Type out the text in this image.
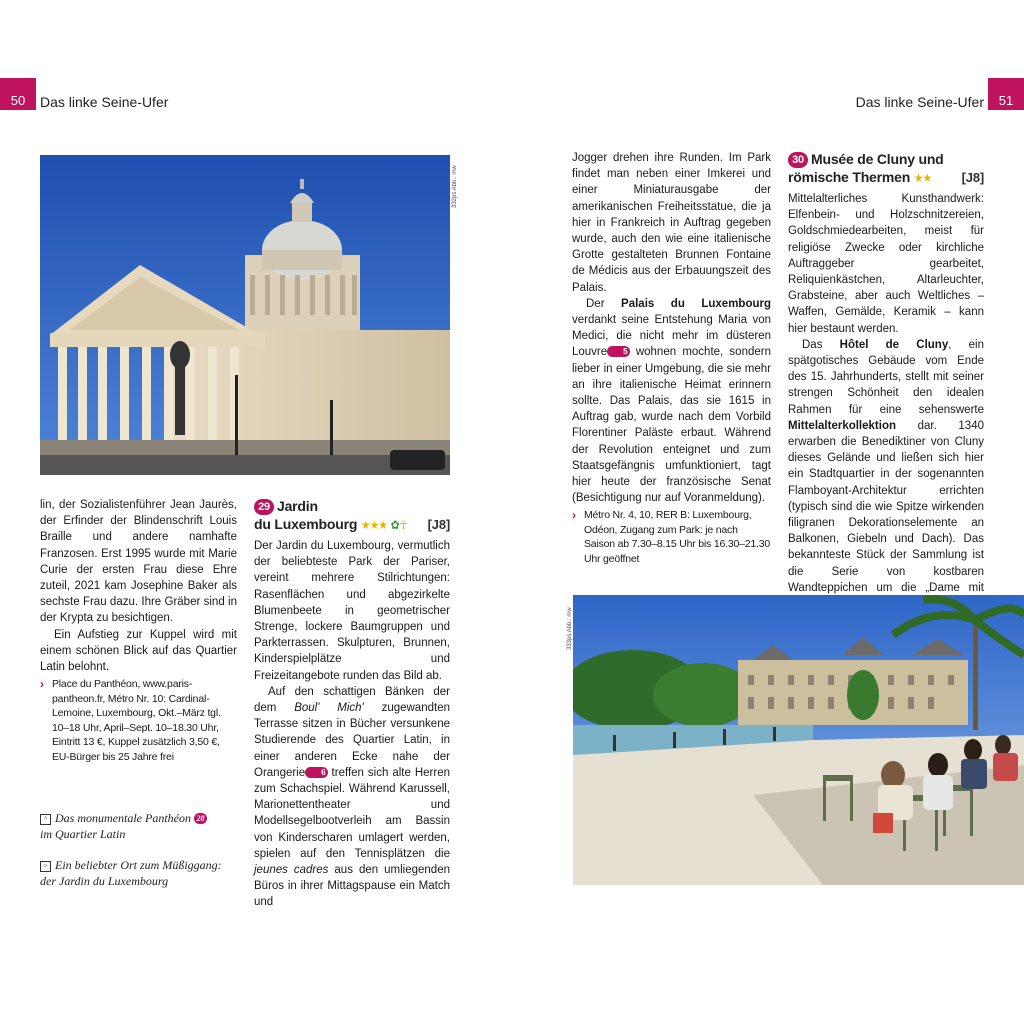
50	Das linke Seine-Ufer	Das linke Seine-Ufer	51
332ps Abb.: mw

lin, der Sozialistenführer Jean Jaurès, der Erfinder der Blindenschrift Louis Braille und andere namhafte Franzosen. Erst 1995 wurde mit Marie Curie der ersten Frau diese Ehre zuteil, 2021 kam Josephine Baker als sechste Frau dazu. Ihre Gräber sind in der Krypta zu besichtigen.

Ein Aufstieg zur Kuppel wird mit einem schönen Blick auf das Quartier Latin belohnt.

› Place du Panthéon, www.paris-pantheon.fr, Métro Nr. 10: Cardinal-Lemoine, Luxembourg, Okt.–März tgl. 10–18 Uhr, April–Sept. 10–18.30 Uhr, Eintritt 13 €, Kuppel zusätzlich 3,50 €, EU-Bürger bis 25 Jahre frei
^ Das monumentale Panthéon 28
im Quartier Latin
> Ein beliebter Ort zum Müßiggang: der Jardin du Luxembourg
29 Jardin
du Luxembourg ★★★ ✿☥ [J8]

Der Jardin du Luxembourg, vermutlich der beliebteste Park der Pariser, vereint mehrere Stilrichtungen: Rasenflächen und abgezirkelte Blumenbeete in geometrischer Strenge, lockere Baumgruppen und Parkterrassen. Skulpturen, Brunnen, Kinderspielplätze und Freizeitangebote runden das Bild ab.

Auf den schattigen Bänken der dem Boul' Mich' zugewandten Terrasse sitzen in Bücher versunkene Studierende des Quartier Latin, in einer anderen Ecke nahe der Orangerie 6 treffen sich alte Herren zum Schachspiel. Während Karussell, Marionettentheater und Modellsegelbootverleih am Bassin von Kinderscharen umlagert werden, spielen auf den Tennisplätzen die jeunes cadres aus den umliegenden Büros in ihrer Mittagspause ein Match und

Jogger drehen ihre Runden. Im Park findet man neben einer Imkerei und einer Miniaturausgabe der amerikanischen Freiheitsstatue, die ja hier in Frankreich in Auftrag gegeben wurde, auch den wie eine italienische Grotte gestalteten Brunnen Fontaine de Médicis aus der Erbauungszeit des Palais.

Der Palais du Luxembourg verdankt seine Entstehung Maria von Medici, die nicht mehr im düsteren Louvre 5 wohnen mochte, sondern lieber in einer Umgebung, die sie mehr an ihre italienische Heimat erinnern sollte. Das Palais, das sie 1615 in Auftrag gab, wurde nach dem Vorbild Florentiner Paläste erbaut. Während der Revolution enteignet und zum Staatsgefängnis umfunktioniert, tagt hier heute der französische Senat (Besichtigung nur auf Voranmeldung).

› Métro Nr. 4, 10, RER B: Luxembourg, Odéon, Zugang zum Park: je nach Saison ab 7.30–8.15 Uhr bis 16.30–21.30 Uhr geöffnet
30 Musée de Cluny und
römische Thermen ★★ [J8]

Mittelalterliches Kunsthandwerk: Elfenbein- und Holzschnitzereien, Goldschmiedearbeiten, meist für religiöse Zwecke oder kirchliche Auftraggeber gearbeitet, Reliquienkästchen, Altarleuchter, Grabsteine, aber auch Weltliches – Waffen, Gemälde, Keramik – kann hier bestaunt werden.

Das Hôtel de Cluny, ein spätgotisches Gebäude vom Ende des 15. Jahrhunderts, stellt mit seiner strengen Schönheit den idealen Rahmen für eine sehenswerte Mittelalterkollektion dar. 1340 erwarben die Benediktiner von Cluny dieses Gelände und ließen sich hier ein Stadtquartier in der sogenannten Flamboyant-Architektur errichten (typisch sind die wie Spitze wirkenden filigranen Dekorationselemente an Balkonen, Giebeln und Dach). Das bekannteste Stück der Sammlung ist die Serie von kostbaren Wandteppichen um die „Dame mit

333ps Abb.: mw
